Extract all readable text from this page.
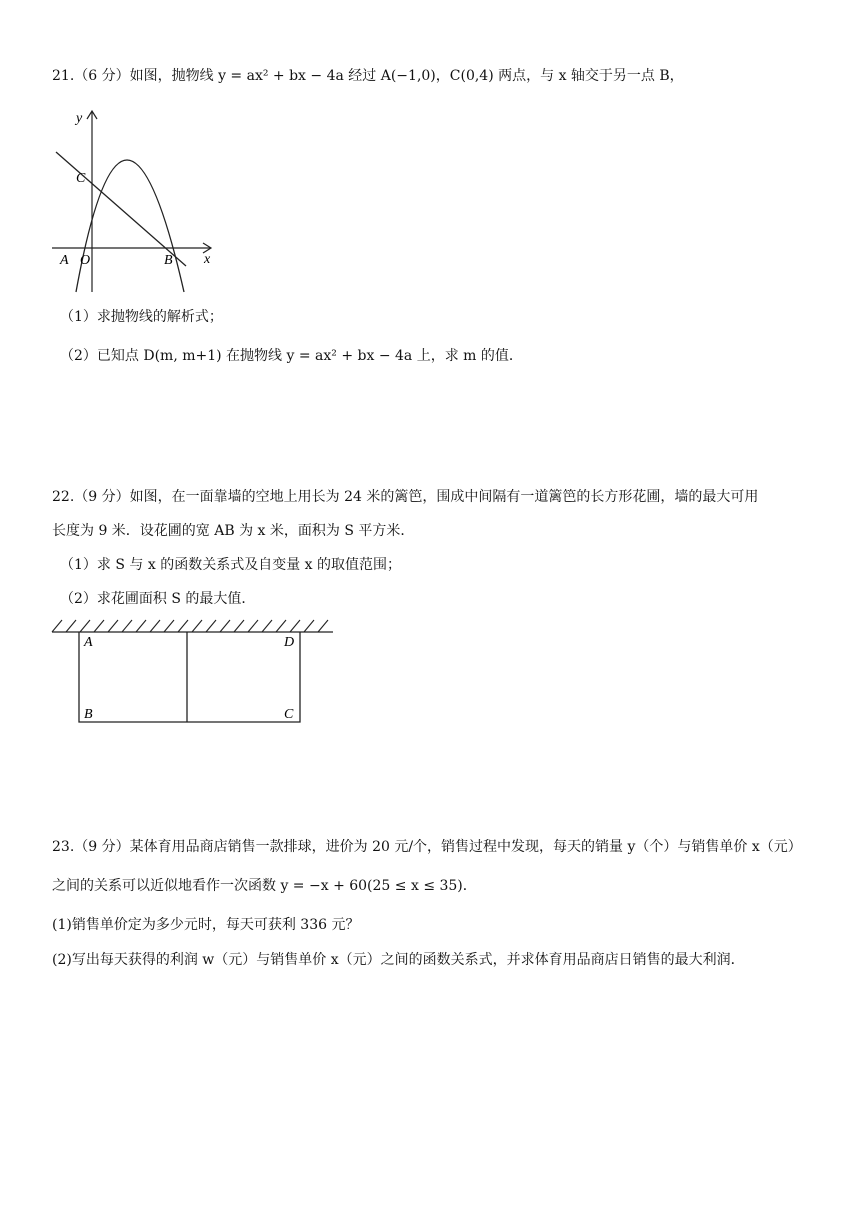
21.（6 分）如图，抛物线 y = ax² + bx − 4a 经过 A(−1,0)，C(0,4) 两点，与 x 轴交于另一点 B，
y
x
C
A O	B
（1）求抛物线的解析式；
（2）已知点 D(m, m+1) 在抛物线 y = ax² + bx − 4a 上，求 m 的值．
22.（9 分）如图，在一面靠墙的空地上用长为 24 米的篱笆，围成中间隔有一道篱笆的长方形花圃，墙的最大可用
长度为 9 米．设花圃的宽 AB 为 x 米，面积为 S 平方米．
（1）求 S 与 x 的函数关系式及自变量 x 的取值范围；
（2）求花圃面积 S 的最大值．
A	D
B	C
23.（9 分）某体育用品商店销售一款排球，进价为 20 元/个，销售过程中发现，每天的销量 y（个）与销售单价 x（元）
之间的关系可以近似地看作一次函数 y = −x + 60(25 ≤ x ≤ 35)．
(1)销售单价定为多少元时，每天可获利 336 元？
(2)写出每天获得的利润 w（元）与销售单价 x（元）之间的函数关系式，并求体育用品商店日销售的最大利润．
